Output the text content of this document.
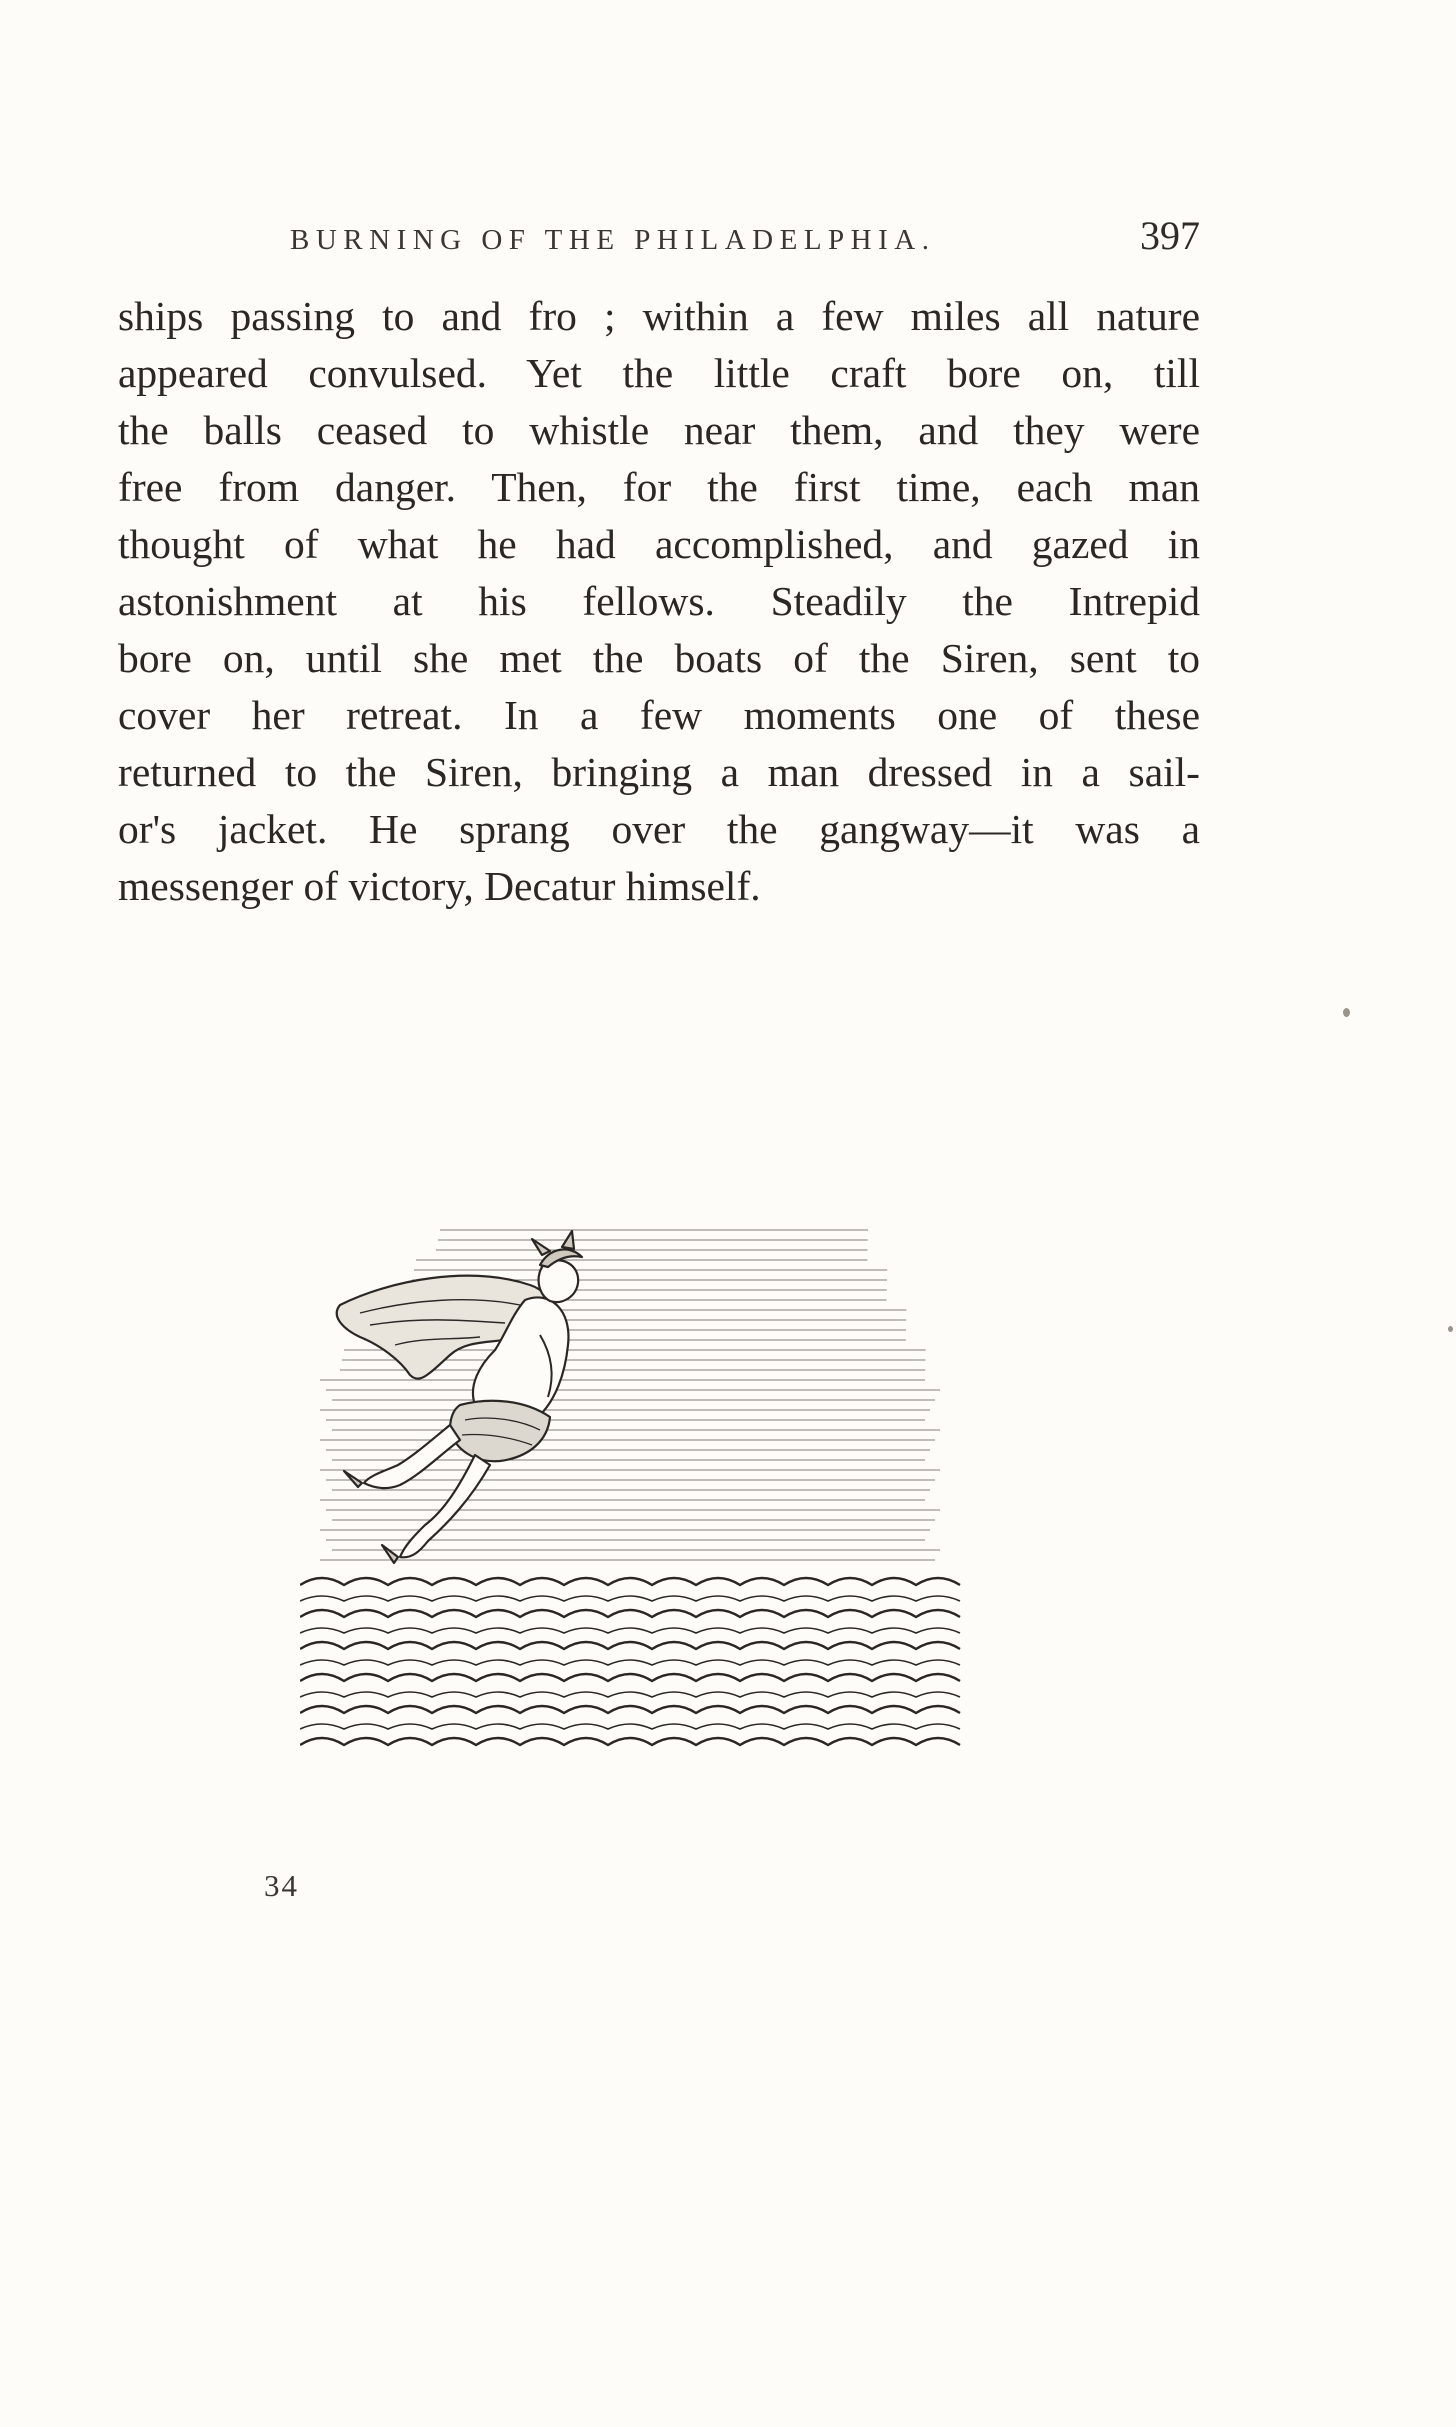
BURNING OF THE PHILADELPHIA.	397

ships passing to and fro ; within a few miles all nature
appeared convulsed. Yet the little craft bore on, till
the balls ceased to whistle near them, and they were
free from danger. Then, for the first time, each man
thought of what he had accomplished, and gazed in
astonishment at his fellows. Steadily the Intrepid
bore on, until she met the boats of the Siren, sent to
cover her retreat. In a few moments one of these
returned to the Siren, bringing a man dressed in a sail-
or's jacket. He sprang over the gangway—it was a
messenger of victory, Decatur himself.

34
